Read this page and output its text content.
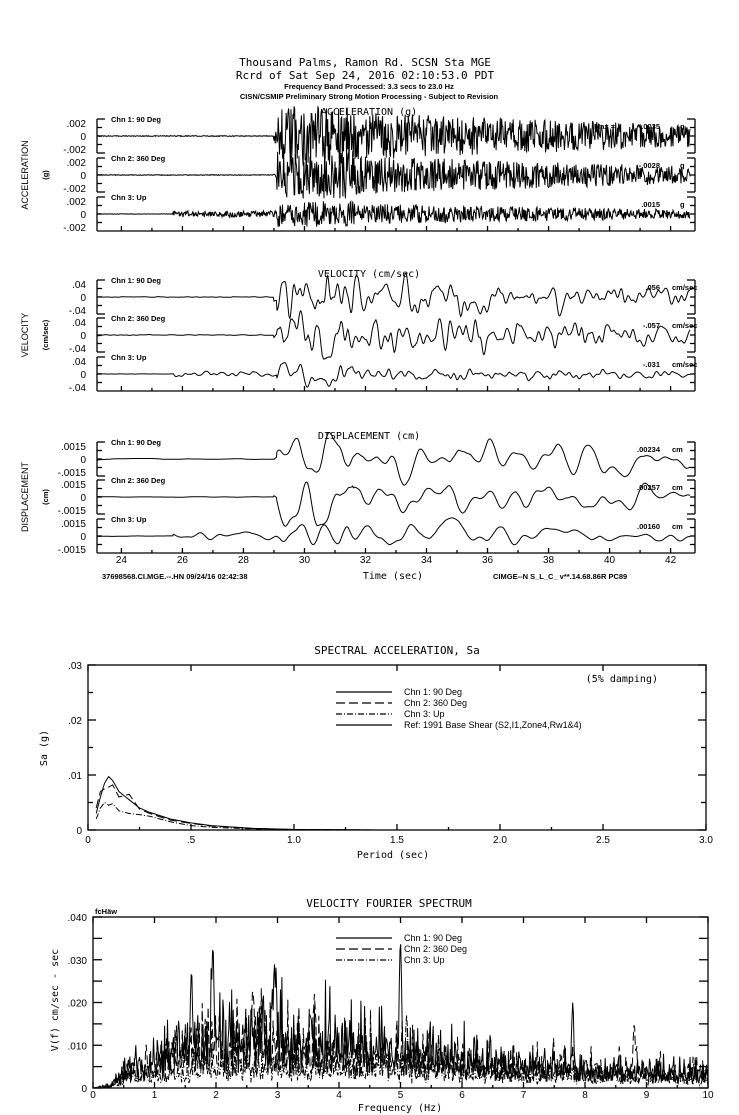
Thousand Palms, Ramon Rd. SCSN Sta MGE
Rcrd of Sat Sep 24, 2016 02:10:53.0 PDT
Frequency Band Processed: 3.3 secs to 23.0 Hz
CISN/CSMIP Preliminary Strong Motion Processing - Subject to Revision
ACCELERATION (g)
ACCELERATION (g)
.002
0
-.002
Chn 1: 90 Deg
Max =	-.0035	g
.002
0
-.002
Chn 2: 360 Deg
-.0028	g
.002
0
-.002
Chn 3: Up
.0015	g
VELOCITY (cm/sec)
VELOCITY (cm/sec)
.04
0
-.04
Chn 1: 90 Deg
.056 cm/sec
.04
0
-.04
Chn 2: 360 Deg
-.057 cm/sec
.04
0
-.04
Chn 3: Up
-.031 cm/sec
DISPLACEMENT (cm)
DISPLACEMENT (cm)
.0015
0
-.0015
Chn 1: 90 Deg
.00234 cm
.0015
0
-.0015
Chn 2: 360 Deg
.00257 cm
.0015
0
-.0015
Chn 3: Up
.00160 cm
24	26	28	30	32	34	36	38	40	42
Time (sec)
SPECTRAL ACCELERATION, Sa
0	.5	1.0	1.5	2.0	2.5	3.0
0
.01
.02
.03
Period (sec)
Sa (g)
(5% damping)
Chn 1: 90 Deg
Chn 2: 360 Deg
Chn 3: Up
Ref: 1991 Base Shear (S2,I1,Zone4,Rw1&4)
VELOCITY FOURIER SPECTRUM
fcHäw
0	1	2	3	4	5	6	7	8	9	10
0
.010
.020
.030
.040
Frequency (Hz)
V(f) cm/sec - sec
Chn 1: 90 Deg
Chn 2: 360 Deg
Chn 3: Up
37698568.CI.MGE.--.HN 09/24/16 02:42:38	CIMGE--N S_L_C_ v**.14.68.86R PC89
